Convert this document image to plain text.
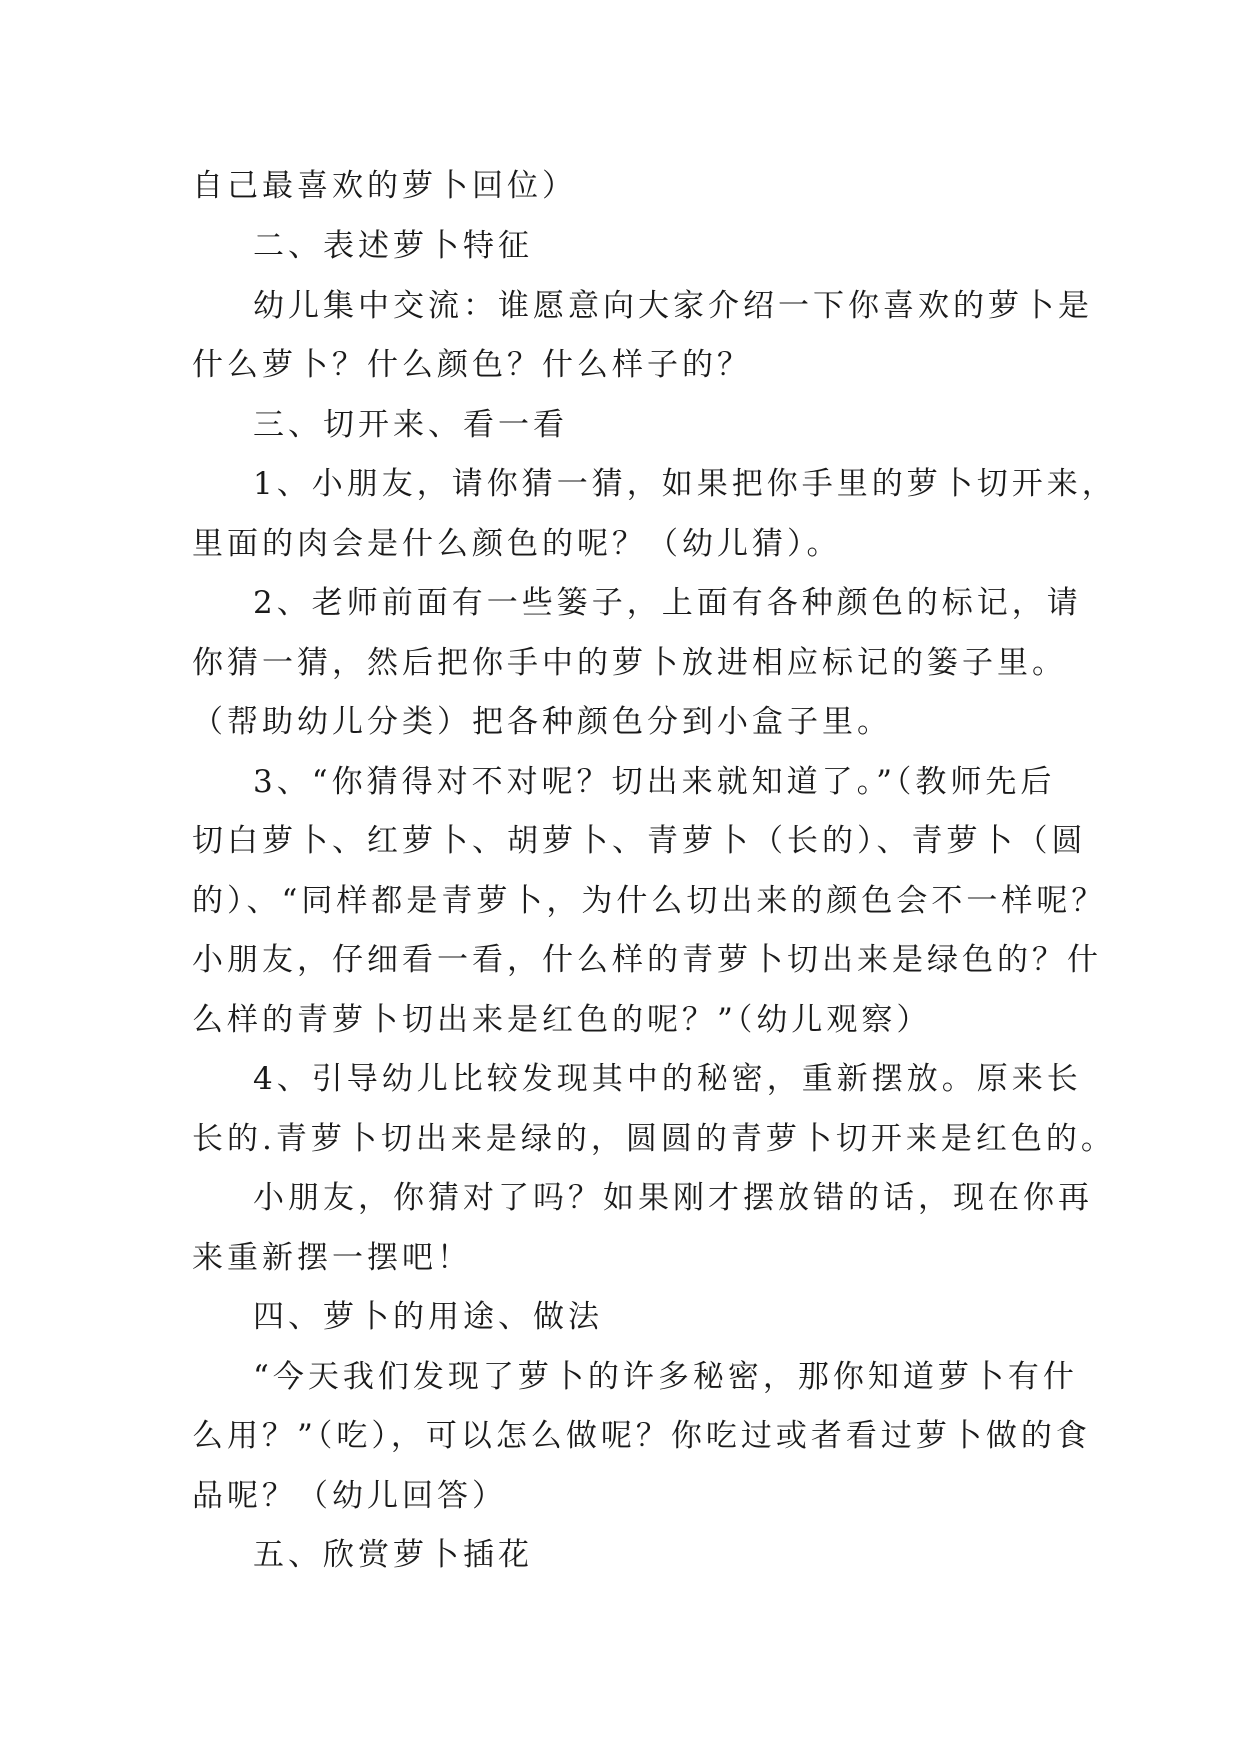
自己最喜欢的萝卜回位）
二、表述萝卜特征
幼儿集中交流：谁愿意向大家介绍一下你喜欢的萝卜是
什么萝卜？什么颜色？什么样子的？
三、切开来、看一看
1、小朋友，请你猜一猜，如果把你手里的萝卜切开来，
里面的肉会是什么颜色的呢？（幼儿猜）。
2、老师前面有一些篓子，上面有各种颜色的标记，请
你猜一猜，然后把你手中的萝卜放进相应标记的篓子里。
（帮助幼儿分类）把各种颜色分到小盒子里。
3、“你猜得对不对呢？切出来就知道了。”（教师先后
切白萝卜、红萝卜、胡萝卜、青萝卜（长的）、青萝卜（圆
的）、“同样都是青萝卜，为什么切出来的颜色会不一样呢？
小朋友，仔细看一看，什么样的青萝卜切出来是绿色的？什
么样的青萝卜切出来是红色的呢？”（幼儿观察）
4、引导幼儿比较发现其中的秘密，重新摆放。原来长
长的.青萝卜切出来是绿的，圆圆的青萝卜切开来是红色的。
小朋友，你猜对了吗？如果刚才摆放错的话，现在你再
来重新摆一摆吧！
四、萝卜的用途、做法
“今天我们发现了萝卜的许多秘密，那你知道萝卜有什
么用？”（吃），可以怎么做呢？你吃过或者看过萝卜做的食
品呢？（幼儿回答）
五、欣赏萝卜插花
